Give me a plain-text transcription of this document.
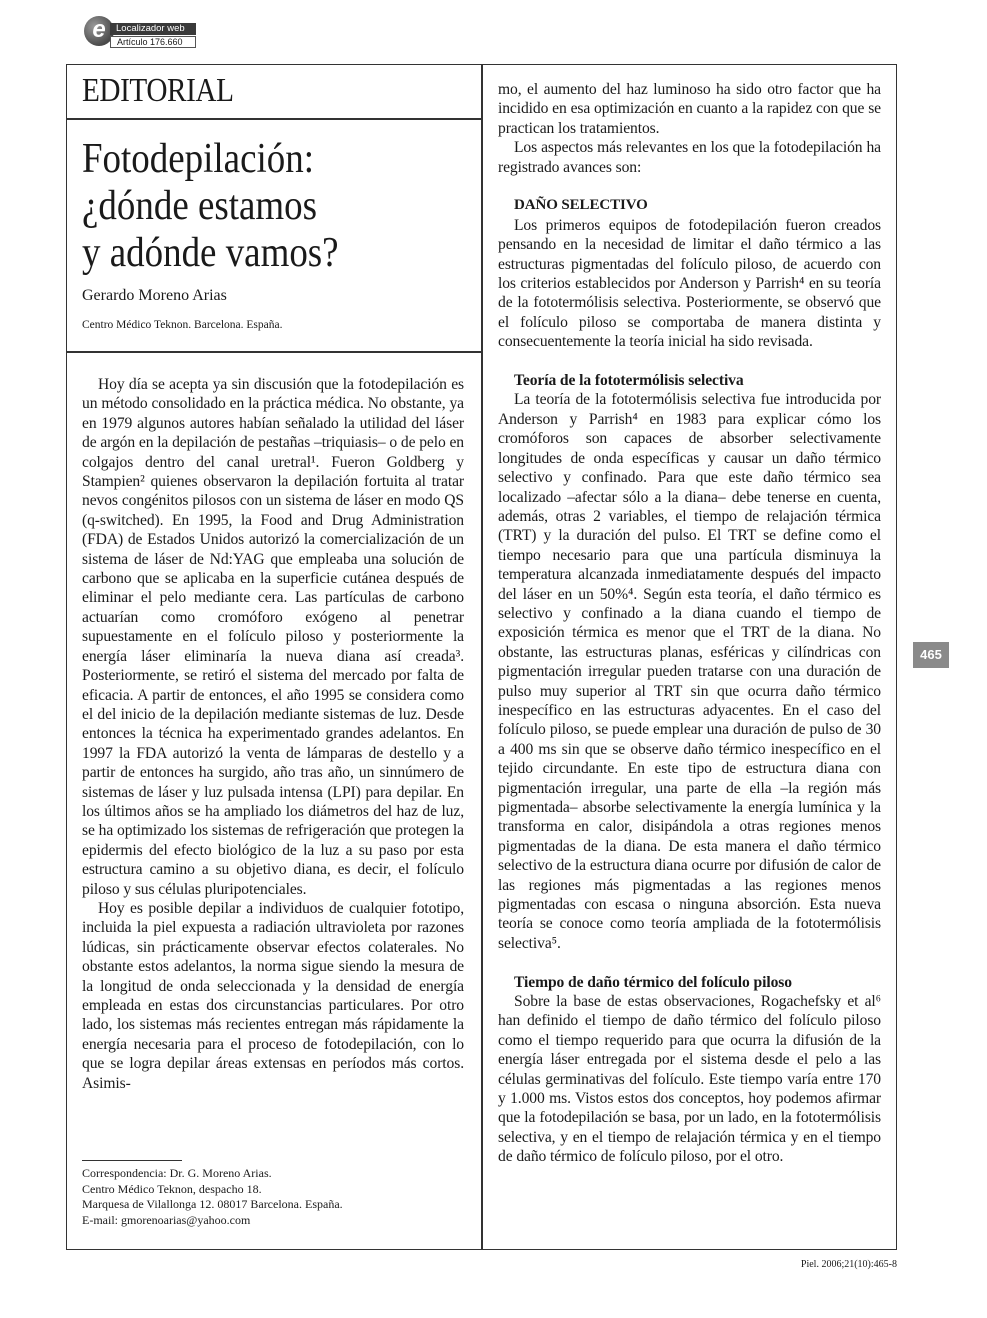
e	Localizador web
Artículo 176.660
EDITORIAL
Fotodepilación:
¿dónde estamos
y adónde vamos?
Gerardo Moreno Arias
Centro Médico Teknon. Barcelona. España.

Hoy día se acepta ya sin discusión que la fotodepilación es un método consolidado en la práctica médica. No obstante, ya en 1979 algunos autores habían señalado la utilidad del láser de argón en la depilación de pestañas –triquiasis– o de pelo en colgajos dentro del canal uretral¹. Fueron Goldberg y Stampien² quienes observaron la depilación fortuita al tratar nevos congénitos pilosos con un sistema de láser en modo QS (q-switched). En 1995, la Food and Drug Administration (FDA) de Estados Unidos autorizó la comercialización de un sistema de láser de Nd:YAG que empleaba una solución de carbono que se aplicaba en la superficie cutánea después de eliminar el pelo mediante cera. Las partículas de carbono actuarían como cromóforo exógeno al penetrar supuestamente en el folículo piloso y posteriormente la energía láser eliminaría la nueva diana así creada³. Posteriormente, se retiró el sistema del mercado por falta de eficacia. A partir de entonces, el año 1995 se considera como el del inicio de la depilación mediante sistemas de luz. Desde entonces la técnica ha experimentado grandes adelantos. En 1997 la FDA autorizó la venta de lámparas de destello y a partir de entonces ha surgido, año tras año, un sinnúmero de sistemas de láser y luz pulsada intensa (LPI) para depilar. En los últimos años se ha ampliado los diámetros del haz de luz, se ha optimizado los sistemas de refrigeración que protegen la epidermis del efecto biológico de la luz a su paso por esta estructura camino a su objetivo diana, es decir, el folículo piloso y sus células pluripotenciales.

Hoy es posible depilar a individuos de cualquier fototipo, incluida la piel expuesta a radiación ultravioleta por razones lúdicas, sin prácticamente observar efectos colaterales. No obstante estos adelantos, la norma sigue siendo la mesura de la longitud de onda seleccionada y la densidad de energía empleada en estas dos circunstancias particulares. Por otro lado, los sistemas más recientes entregan más rápidamente la energía necesaria para el proceso de fotodepilación, con lo que se logra depilar áreas extensas en períodos más cortos. Asimis-

mo, el aumento del haz luminoso ha sido otro factor que ha incidido en esa optimización en cuanto a la rapidez con que se practican los tratamientos.

Los aspectos más relevantes en los que la fotodepilación ha registrado avances son:

DAÑO SELECTIVO

Los primeros equipos de fotodepilación fueron creados pensando en la necesidad de limitar el daño térmico a las estructuras pigmentadas del folículo piloso, de acuerdo con los criterios establecidos por Anderson y Parrish⁴ en su teoría de la fototermólisis selectiva. Posteriormente, se observó que el folículo piloso se comportaba de manera distinta y consecuentemente la teoría inicial ha sido revisada.

Teoría de la fototermólisis selectiva

La teoría de la fototermólisis selectiva fue introducida por Anderson y Parrish⁴ en 1983 para explicar cómo los cromóforos son capaces de absorber selectivamente longitudes de onda específicas y causar un daño térmico selectivo y confinado. Para que este daño térmico sea localizado –afectar sólo a la diana– debe tenerse en cuenta, además, otras 2 variables, el tiempo de relajación térmica (TRT) y la duración del pulso. El TRT se define como el tiempo necesario para que una partícula disminuya la temperatura alcanzada inmediatamente después del impacto del láser en un 50%⁴. Según esta teoría, el daño térmico es selectivo y confinado a la diana cuando el tiempo de exposición térmica es menor que el TRT de la diana. No obstante, las estructuras planas, esféricas y cilíndricas con pigmentación irregular pueden tratarse con una duración de pulso muy superior al TRT sin que ocurra daño térmico inespecífico en las estructuras adyacentes. En el caso del folículo piloso, se puede emplear una duración de pulso de 30 a 400 ms sin que se observe daño térmico inespecífico en el tejido circundante. En este tipo de estructura diana con pigmentación irregular, una parte de ella –la región más pigmentada– absorbe selectivamente la energía lumínica y la transforma en calor, disipándola a otras regiones menos pigmentadas de la diana. De esta manera el daño térmico selectivo de la estructura diana ocurre por difusión de calor de las regiones más pigmentadas a las regiones menos pigmentadas con escasa o ninguna absorción. Esta nueva teoría se conoce como teoría ampliada de la fototermólisis selectiva⁵.

Tiempo de daño térmico del folículo piloso

Sobre la base de estas observaciones, Rogachefsky et al⁶ han definido el tiempo de daño térmico del folículo piloso como el tiempo requerido para que ocurra la difusión de la energía láser entregada por el sistema desde el pelo a las células germinativas del folículo. Este tiempo varía entre 170 y 1.000 ms. Vistos estos dos conceptos, hoy podemos afirmar que la fotodepilación se basa, por un lado, en la fototermólisis selectiva, y en el tiempo de relajación térmica y en el tiempo de daño térmico de folículo piloso, por el otro.

Correspondencia: Dr. G. Moreno Arias.
Centro Médico Teknon, despacho 18.
Marquesa de Vilallonga 12. 08017 Barcelona. España.
E-mail: gmorenoarias@yahoo.com
465
Piel. 2006;21(10):465-8
